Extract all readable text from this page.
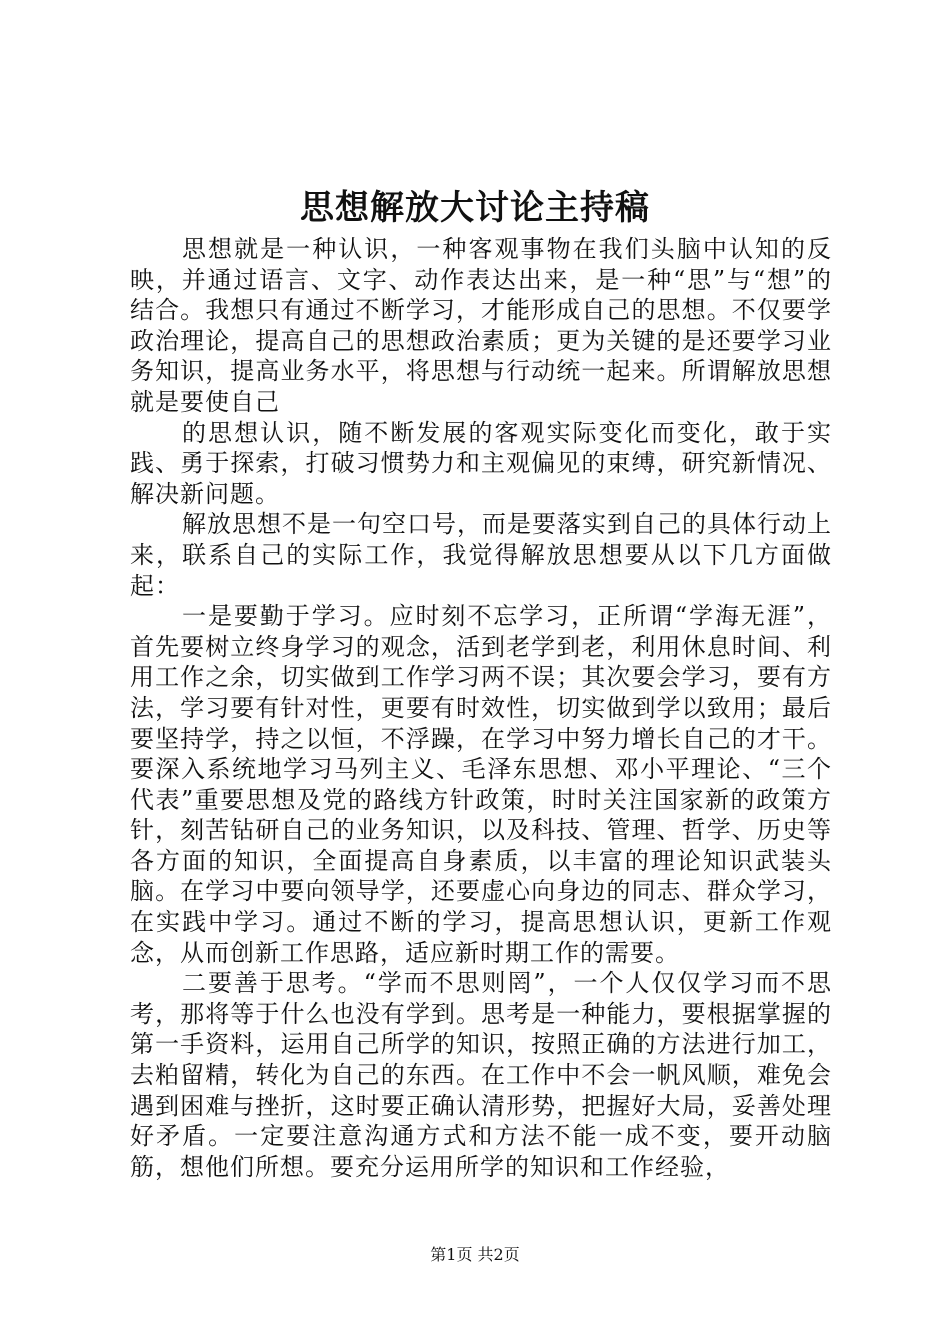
思想解放大讨论主持稿

思想就是一种认识，一种客观事物在我们头脑中认知的反映，并通过语言、文字、动作表达出来，是一种“思”与“想”的结合。我想只有通过不断学习，才能形成自己的思想。不仅要学政治理论，提高自己的思想政治素质；更为关键的是还要学习业务知识，提高业务水平，将思想与行动统一起来。所谓解放思想就是要使自己

的思想认识，随不断发展的客观实际变化而变化，敢于实践、勇于探索，打破习惯势力和主观偏见的束缚，研究新情况、解决新问题。

解放思想不是一句空口号，而是要落实到自己的具体行动上来，联系自己的实际工作，我觉得解放思想要从以下几方面做起：

一是要勤于学习。应时刻不忘学习，正所谓“学海无涯”，首先要树立终身学习的观念，活到老学到老，利用休息时间、利用工作之余，切实做到工作学习两不误；其次要会学习，要有方法，学习要有针对性，更要有时效性，切实做到学以致用；最后要坚持学，持之以恒，不浮躁，在学习中努力增长自己的才干。要深入系统地学习马列主义、毛泽东思想、邓小平理论、“三个代表”重要思想及党的路线方针政策，时时关注国家新的政策方针，刻苦钻研自己的业务知识，以及科技、管理、哲学、历史等各方面的知识，全面提高自身素质，以丰富的理论知识武装头脑。在学习中要向领导学，还要虚心向身边的同志、群众学习，在实践中学习。通过不断的学习，提高思想认识，更新工作观念，从而创新工作思路，适应新时期工作的需要。

二要善于思考。“学而不思则罔”，一个人仅仅学习而不思考，那将等于什么也没有学到。思考是一种能力，要根据掌握的第一手资料，运用自己所学的知识，按照正确的方法进行加工，去粕留精，转化为自己的东西。在工作中不会一帆风顺，难免会遇到困难与挫折，这时要正确认清形势，把握好大局，妥善处理好矛盾。一定要注意沟通方式和方法不能一成不变，要开动脑筋，想他们所想。要充分运用所学的知识和工作经验，

第1页 共2页
